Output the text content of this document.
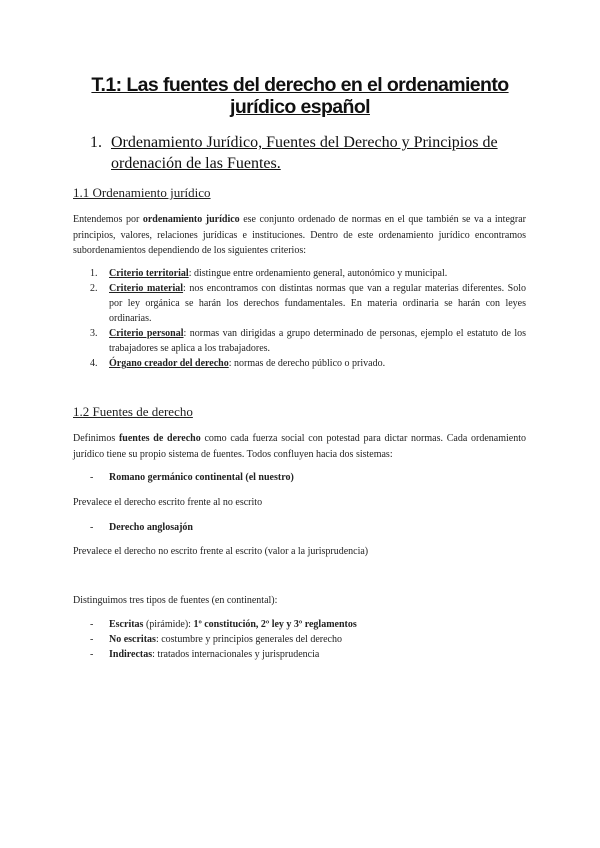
T.1: Las fuentes del derecho en el ordenamiento
jurídico español
1. Ordenamiento Jurídico, Fuentes del Derecho y Principios de ordenación de las Fuentes.
1.1 Ordenamiento jurídico
Entendemos por ordenamiento jurídico ese conjunto ordenado de normas en el que también se va a integrar principios, valores, relaciones jurídicas e instituciones. Dentro de este ordenamiento jurídico encontramos subordenamientos dependiendo de los siguientes criterios:
1. Criterio territorial: distingue entre ordenamiento general, autonómico y municipal.
2. Criterio material: nos encontramos con distintas normas que van a regular materias diferentes. Solo por ley orgánica se harán los derechos fundamentales. En materia ordinaria se harán con leyes ordinarias.
3. Criterio personal: normas van dirigidas a grupo determinado de personas, ejemplo el estatuto de los trabajadores se aplica a los trabajadores.
4. Órgano creador del derecho: normas de derecho público o privado.
1.2 Fuentes de derecho
Definimos fuentes de derecho como cada fuerza social con potestad para dictar normas. Cada ordenamiento jurídico tiene su propio sistema de fuentes. Todos confluyen hacia dos sistemas:
- Romano germánico continental (el nuestro)
Prevalece el derecho escrito frente al no escrito
- Derecho anglosajón
Prevalece el derecho no escrito frente al escrito (valor a la jurisprudencia)
Distinguimos tres tipos de fuentes (en continental):
- Escritas (pirámide): 1º constitución, 2º ley y 3º reglamentos
- No escritas: costumbre y principios generales del derecho
- Indirectas: tratados internacionales y jurisprudencia
